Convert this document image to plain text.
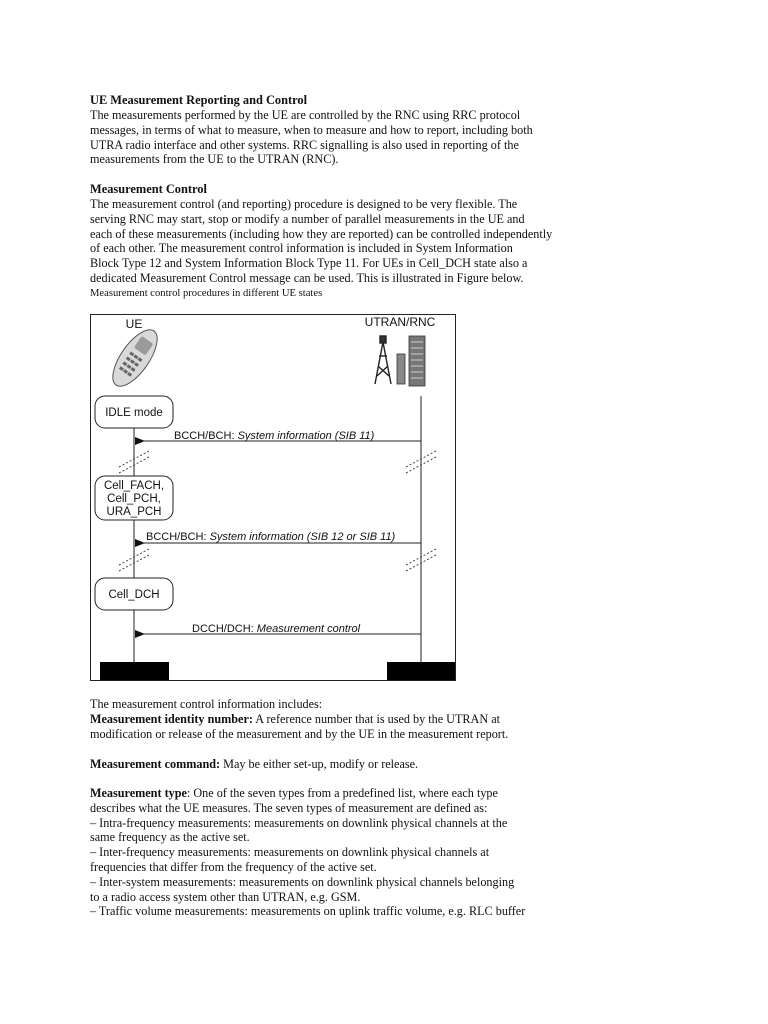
UE Measurement Reporting and Control
The measurements performed by the UE are controlled by the RNC using RRC protocol
messages, in terms of what to measure, when to measure and how to report, including both
UTRA radio interface and other systems. RRC signalling is also used in reporting of the
measurements from the UE to the UTRAN (RNC).
Measurement Control
The measurement control (and reporting) procedure is designed to be very flexible. The
serving RNC may start, stop or modify a number of parallel measurements in the UE and
each of these measurements (including how they are reported) can be controlled independently
of each other. The measurement control information is included in System Information
Block Type 12 and System Information Block Type 11. For UEs in Cell_DCH state also a
dedicated Measurement Control message can be used. This is illustrated in Figure below.
Measurement control procedures in different UE states
UE	UTRAN/RNC
IDLE mode
Cell_FACH,
Cell_PCH,
URA_PCH
Cell_DCH
BCCH/BCH: System information (SIB 11)
BCCH/BCH: System information (SIB 12 or SIB 11)
DCCH/DCH: Measurement control
The measurement control information includes:
Measurement identity number: A reference number that is used by the UTRAN at
modification or release of the measurement and by the UE in the measurement report.
Measurement command: May be either set-up, modify or release.
Measurement type: One of the seven types from a predefined list, where each type
describes what the UE measures. The seven types of measurement are defined as:
– Intra-frequency measurements: measurements on downlink physical channels at the
same frequency as the active set.
– Inter-frequency measurements: measurements on downlink physical channels at
frequencies that differ from the frequency of the active set.
– Inter-system measurements: measurements on downlink physical channels belonging
to a radio access system other than UTRAN, e.g. GSM.
– Traffic volume measurements: measurements on uplink traffic volume, e.g. RLC buffer
